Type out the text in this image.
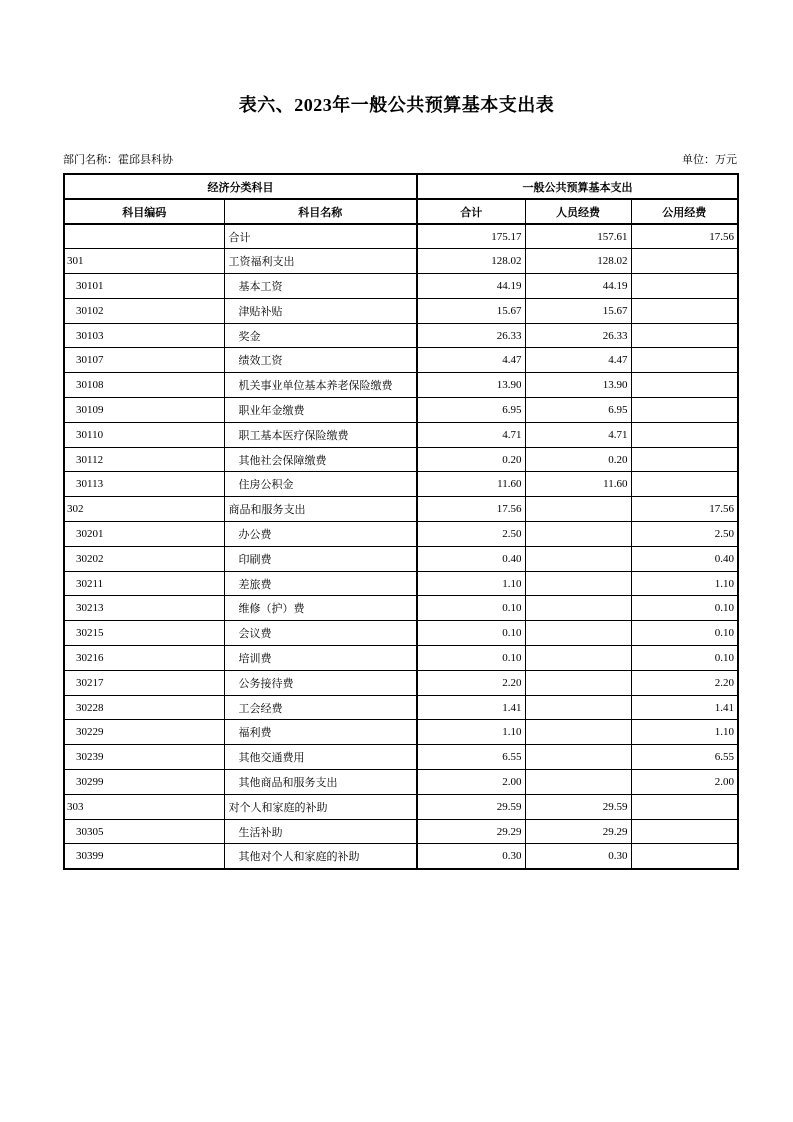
表六、2023年一般公共预算基本支出表
部门名称：霍邱县科协	单位：万元
经济分类科目		一般公共预算基本支出		
科目编码	科目名称	合计	人员经费	公用经费
	合计	175.17	157.61	17.56
301	工资福利支出	128.02	128.02	
30101	基本工资	44.19	44.19	
30102	津贴补贴	15.67	15.67	
30103	奖金	26.33	26.33	
30107	绩效工资	4.47	4.47	
30108	机关事业单位基本养老保险缴费	13.90	13.90	
30109	职业年金缴费	6.95	6.95	
30110	职工基本医疗保险缴费	4.71	4.71	
30112	其他社会保障缴费	0.20	0.20	
30113	住房公积金	11.60	11.60	
302	商品和服务支出	17.56		17.56
30201	办公费	2.50		2.50
30202	印刷费	0.40		0.40
30211	差旅费	1.10		1.10
30213	维修（护）费	0.10		0.10
30215	会议费	0.10		0.10
30216	培训费	0.10		0.10
30217	公务接待费	2.20		2.20
30228	工会经费	1.41		1.41
30229	福利费	1.10		1.10
30239	其他交通费用	6.55		6.55
30299	其他商品和服务支出	2.00		2.00
303	对个人和家庭的补助	29.59	29.59	
30305	生活补助	29.29	29.29	
30399	其他对个人和家庭的补助	0.30	0.30	
